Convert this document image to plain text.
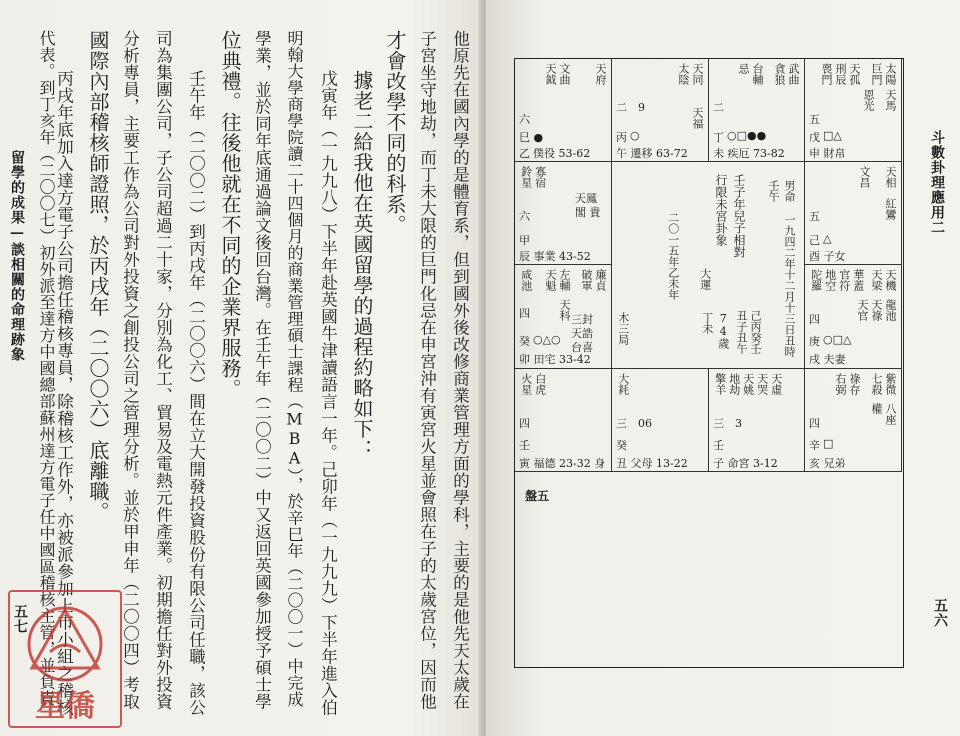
留學的成果—談相關的命理跡象
五七	他原先在國內學的是體育系，但到國外後改修商業管理方面的學科，主要的是他先天太歲在
子宮坐守地劫，而丁未大限的巨門化忌在申宮沖有寅宮火星並會照在子的太歲宮位，因而他
才會改學不同的科系。
據老二給我他在英國留學的過程約略如下：
戊寅年（一九九八）下半年赴英國牛津讀語言一年。己卯年（一九九九）下半年進入伯
明翰大學商學院讀二十四個月的商業管理碩士課程（MBA），於辛巳年（二〇〇一）中完成
學業，並於同年底通過論文後回台灣。在壬午年（二〇〇二）中又返回英國參加授予碩士學
位典禮。往後他就在不同的企業界服務。
壬午年（二〇〇二）到丙戌年（二〇〇六）間在立大開發投資股份有限公司任職，該公
司為集團公司，子公司超過二十家，分別為化工、貿易及電熱元件產業。初期擔任對外投資
分析專員，主要工作為公司對外投資之創投公司之管理分析。並於甲申年（二〇〇四）考取
國際內部稽核師證照，於丙戌年（二〇〇六）底離職。
丙戌年底加入達方電子公司擔任稽核專員，除稽核工作外，亦被派參加上市小組之稽核
代表。到丁亥年（二〇〇七）初外派至達方中國總部蘇州達方電子任中國區稽核主管，並負責
星僑
斗數卦理應用二
五六
天府
文曲
天鉞
六
巳 ●
乙 僕役 53-62
天同
太陰
天福
二　9
丙 ○
午 遷移 63-72
武曲
貪狼
台輔
忌
二
丁 ○□●●
未 疾厄 73-82
太陽
巨門
天孤
刑辰
喪門
恩光 天馬
五
戊 □△
申 財帛
鈴星 寡宿
天鳳閣 貴
六
甲
辰 事業 43-52
天相
文昌
紅鸞
五
己 △
酉 子女
廉貞
破軍
左輔
天魁
咸池
天科 三封 天誥 台喜
四
癸 ○△○
卯 田宅 33-42
天機
天梁
龍池
天祿
天官
陀羅 地空 官符 華蓋
四
庚 ○□△
戌 夫妻
火星 白虎
四
壬
寅 福德 23-32 身
大耗
三　06
癸
丑 父母 13-22
擎羊 地劫 天姚 天哭 天虛
三　3
壬
子 命宮 3-12
紫微
七殺
八座
祿存
右弼
權
四
辛 □
亥 兄弟
一九四二年十二月十三日丑時
男命
壬午
壬子年兒子相對
行限未宮卦象
己丙癸壬
丑子丑午
二〇一五年乙未年 大運
74歲
丁未
木三局
盤五
